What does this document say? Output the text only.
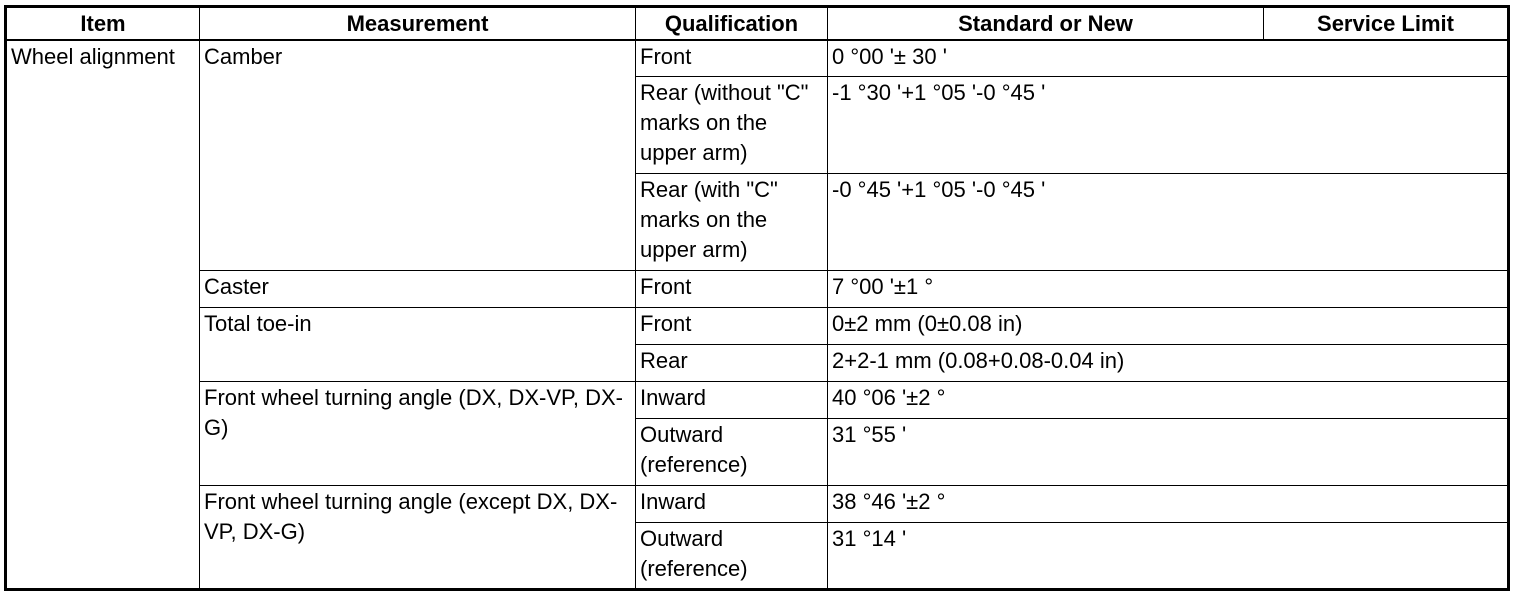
Item	Measurement	Qualification	Standard or New	Service Limit
Wheel alignment	Camber	Front	0 °00 '± 30 '	
		Rear (without "C" marks on the upper arm)	-1 °30 '+1 °05 '-0 °45 '	
		Rear (with "C" marks on the upper arm)	-0 °45 '+1 °05 '-0 °45 '	
	Caster	Front	7 °00 '±1 °	
	Total toe-in	Front	0±2 mm (0±0.08 in)	
		Rear	2+2-1 mm (0.08+0.08-0.04 in)	
	Front wheel turning angle (DX, DX-VP, DX-G)	Inward	40 °06 '±2 °	
		Outward (reference)	31 °55 '	
	Front wheel turning angle (except DX, DX-VP, DX-G)	Inward	38 °46 '±2 °	
		Outward (reference)	31 °14 '	
